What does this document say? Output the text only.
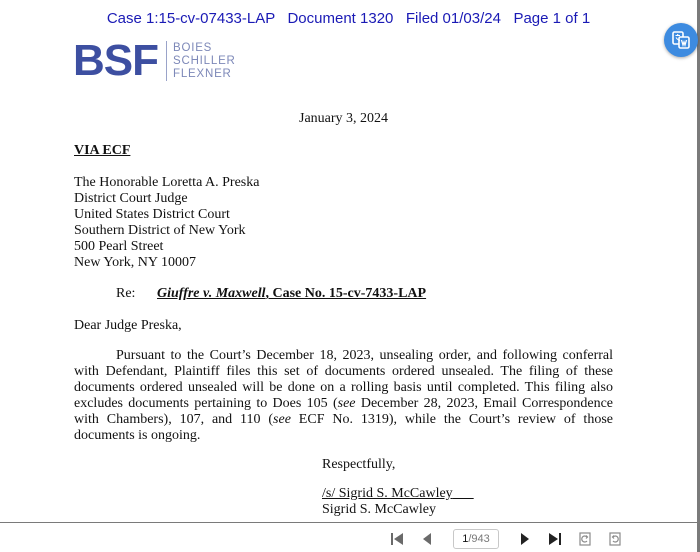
Case 1:15-cv-07433-LAP   Document 1320   Filed 01/03/24   Page 1 of 1
BSF BOIES
SCHILLER
FLEXNER
January 3, 2024
VIA ECF
The Honorable Loretta A. Preska
District Court Judge
United States District Court
Southern District of New York
500 Pearl Street
New York, NY 10007
Re: Giuffre v. Maxwell, Case No. 15-cv-7433-LAP
Dear Judge Preska,
Pursuant to the Court’s December 18, 2023, unsealing order, and following conferral with Defendant, Plaintiff files this set of documents ordered unsealed. The filing of these documents ordered unsealed will be done on a rolling basis until completed. This filing also excludes documents pertaining to Does 105 (see December 28, 2023, Email Correspondence with Chambers), 107, and 110 (see ECF No. 1319), while the Court’s review of those documents is ongoing.
Respectfully,
/s/ Sigrid S. McCawley
Sigrid S. McCawley
1 /943
